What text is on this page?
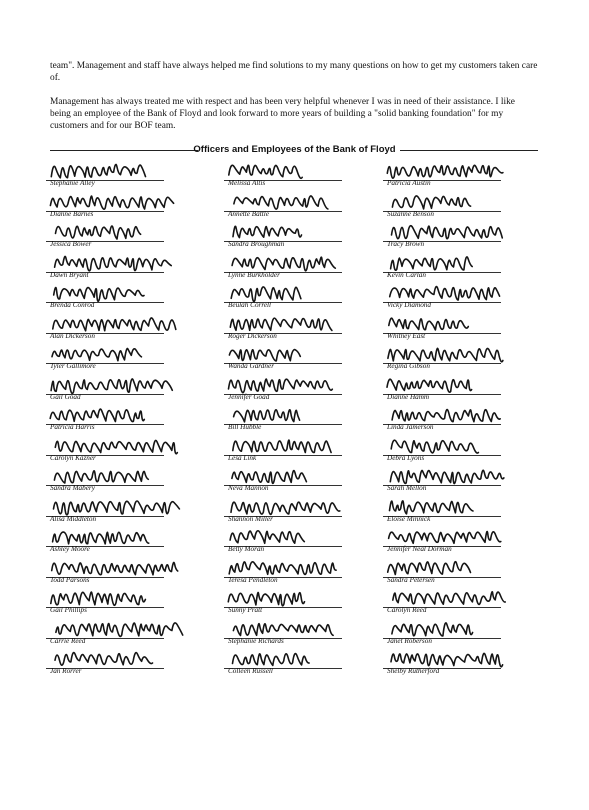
team". Management and staff have always helped me find solutions to my many questions on how to get my customers taken care of.

Management has always treated me with respect and has been very helpful whenever I was in need of their assistance. I like being an employee of the Bank of Floyd and look forward to more years of building a "solid banking foundation" for my customers and for our BOF team.

Officers and Employees of the Bank of Floyd
Stephanie Alley
Dianne Barnes
Jessica Bower
Dawn Bryant
Brenda Conrod
Alan Dickerson
Tyler Gallimore
Gail Goad
Patricia Harris
Carolyn Kazner
Sandra Mabery
Alisa Middleton
Ashley Moore
Todd Parsons
Gail Phillips
Carrie Reed
Jan Rorrer
Melissa Altis
Annette Battle
Sandra Broughman
Lynne Burkholder
Beulah Correll
Roger Dickerson
Wanda Gardner
Jennifer Goad
Bill Hubble
Lesa Link
Neva Mannon
Shannon Miller
Betty Moran
Teresa Pendleton
Sunny Pratt
Stephanie Richards
Colleen Russell
Patricia Austin
Suzanne Benson
Tracy Brown
Kevin Carlan
Vicky Diamond
Whitney East
Regina Gibson
Dianne Hamm
Linda Jamerson
Debra Lyons
Sarah Mellon
Eloise Minnick
Jennifer Neal Dorman
Sandra Petersen
Carolyn Reed
Janet Roberson
Shelby Rutherford
